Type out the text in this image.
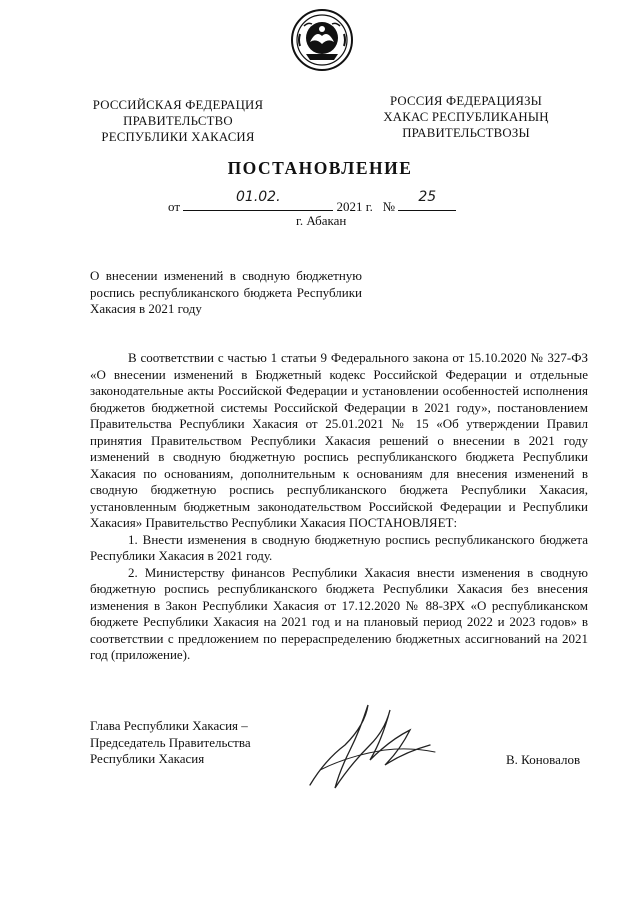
РОССИЙСКАЯ ФЕДЕРАЦИЯ
ПРАВИТЕЛЬСТВО
РЕСПУБЛИКИ ХАКАСИЯ
РОССИЯ ФЕДЕРАЦИЯЗЫ
ХАКАС РЕСПУБЛИКАНЫҢ
ПРАВИТЕЛЬСТВОЗЫ
ПОСТАНОВЛЕНИЕ
от
01.02.
2021 г. №
25
г. Абакан
О внесении изменений в сводную бюджетную роспись республиканского бюджета Республики Хакасия в 2021 году

В соответствии с частью 1 статьи 9 Федерального закона от 15.10.2020 № 327-ФЗ «О внесении изменений в Бюджетный кодекс Российской Федерации и отдельные законодательные акты Российской Федерации и установлении особенностей исполнения бюджетов бюджетной системы Российской Федерации в 2021 году», постановлением Правительства Республики Хакасия от 25.01.2021 № 15 «Об утверждении Правил принятия Правительством Республики Хакасия решений о внесении в 2021 году изменений в сводную бюджетную роспись республиканского бюджета Республики Хакасия по основаниям, дополнительным к основаниям для внесения изменений в сводную бюджетную роспись республиканского бюджета Республики Хакасия, установленным бюджетным законодательством Российской Федерации и Республики Хакасия» Правительство Республики Хакасия ПОСТАНОВЛЯЕТ:

1. Внести изменения в сводную бюджетную роспись республиканского бюджета Республики Хакасия в 2021 году.

2. Министерству финансов Республики Хакасия внести изменения в сводную бюджетную роспись республиканского бюджета Республики Хакасия без внесения изменения в Закон Республики Хакасия от 17.12.2020 № 88-ЗРХ «О республиканском бюджете Республики Хакасия на 2021 год и на плановый период 2022 и 2023 годов» в соответствии с предложением по перераспределению бюджетных ассигнований на 2021 год (приложение).

Глава Республики Хакасия –
Председатель Правительства
Республики Хакасия	В. Коновалов
